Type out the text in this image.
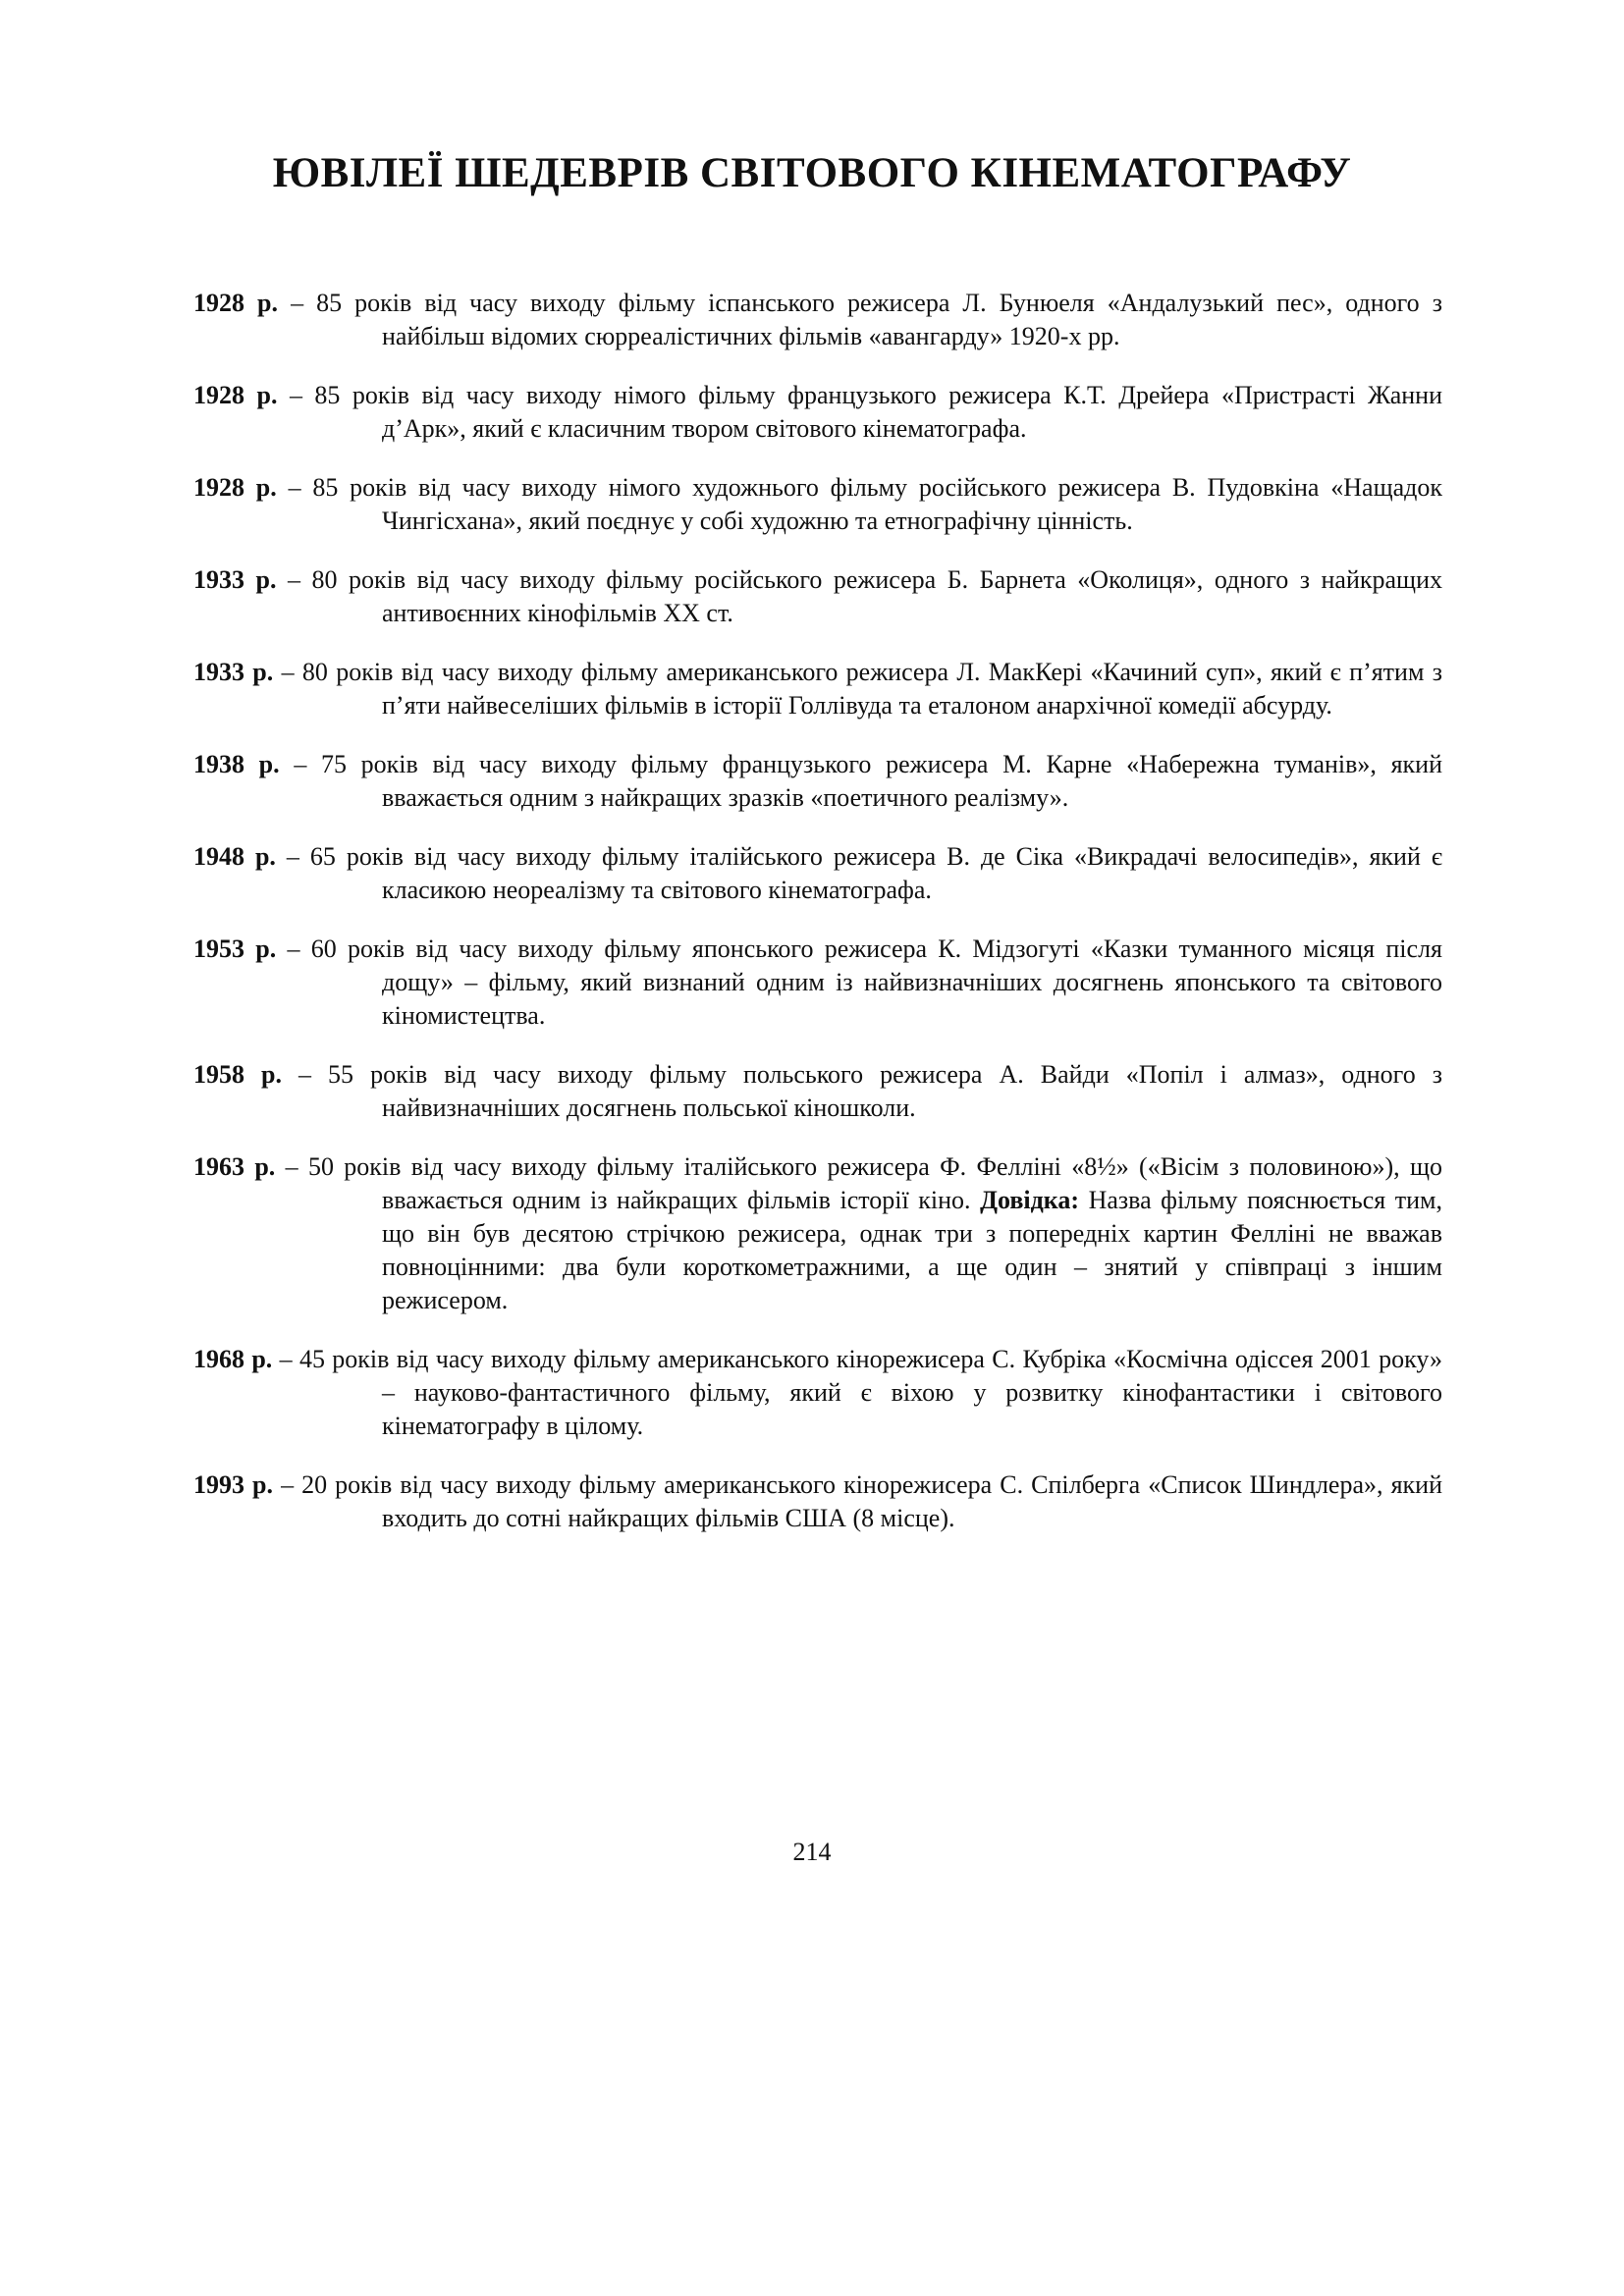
ЮВІЛЕЇ ШЕДЕВРІВ СВІТОВОГО КІНЕМАТОГРАФУ

1928 р. – 85 років від часу виходу фільму іспанського режисера Л. Бунюеля «Андалузький пес», одного з найбільш відомих сюрреалістичних фільмів «авангарду» 1920-х рр.

1928 р. – 85 років від часу виходу німого фільму французького режисера К.Т. Дрейера «Пристрасті Жанни д’Арк», який є класичним твором світового кінематографа.

1928 р. – 85 років від часу виходу німого художнього фільму російського режисера В. Пудовкіна «Нащадок Чингісхана», який поєднує у собі художню та етнографічну цінність.

1933 р. – 80 років від часу виходу фільму російського режисера Б. Барнета «Околиця», одного з найкращих антивоєнних кінофільмів XX ст.

1933 р. – 80 років від часу виходу фільму американського режисера Л. МакКері «Качиний суп», який є п’ятим з п’яти найвеселіших фільмів в історії Голлівуда та еталоном анархічної комедії абсурду.

1938 р. – 75 років від часу виходу фільму французького режисера М. Карне «Набережна туманів», який вважається одним з найкращих зразків «поетичного реалізму».

1948 р. – 65 років від часу виходу фільму італійського режисера В. де Сіка «Викрадачі велосипедів», який є класикою неореалізму та світового кінематографа.

1953 р. – 60 років від часу виходу фільму японського режисера К. Мідзогуті «Казки туманного місяця після дощу» – фільму, який визнаний одним із найвизначніших досягнень японського та світового кіномистецтва.

1958 р. – 55 років від часу виходу фільму польського режисера А. Вайди «Попіл і алмаз», одного з найвизначніших досягнень польської кіношколи.

1963 р. – 50 років від часу виходу фільму італійського режисера Ф. Фелліні «8½» («Вісім з половиною»), що вважається одним із найкращих фільмів історії кіно. Довідка: Назва фільму пояснюється тим, що він був десятою стрічкою режисера, однак три з попередніх картин Фелліні не вважав повноцінними: два були короткометражними, а ще один – знятий у співпраці з іншим режисером.

1968 р. – 45 років від часу виходу фільму американського кінорежисера С. Кубріка «Космічна одіссея 2001 року» – науково-фантастичного фільму, який є віхою у розвитку кінофантастики і світового кінематографу в цілому.

1993 р. – 20 років від часу виходу фільму американського кінорежисера С. Спілберга «Список Шиндлера», який входить до сотні найкращих фільмів США (8 місце).

214
